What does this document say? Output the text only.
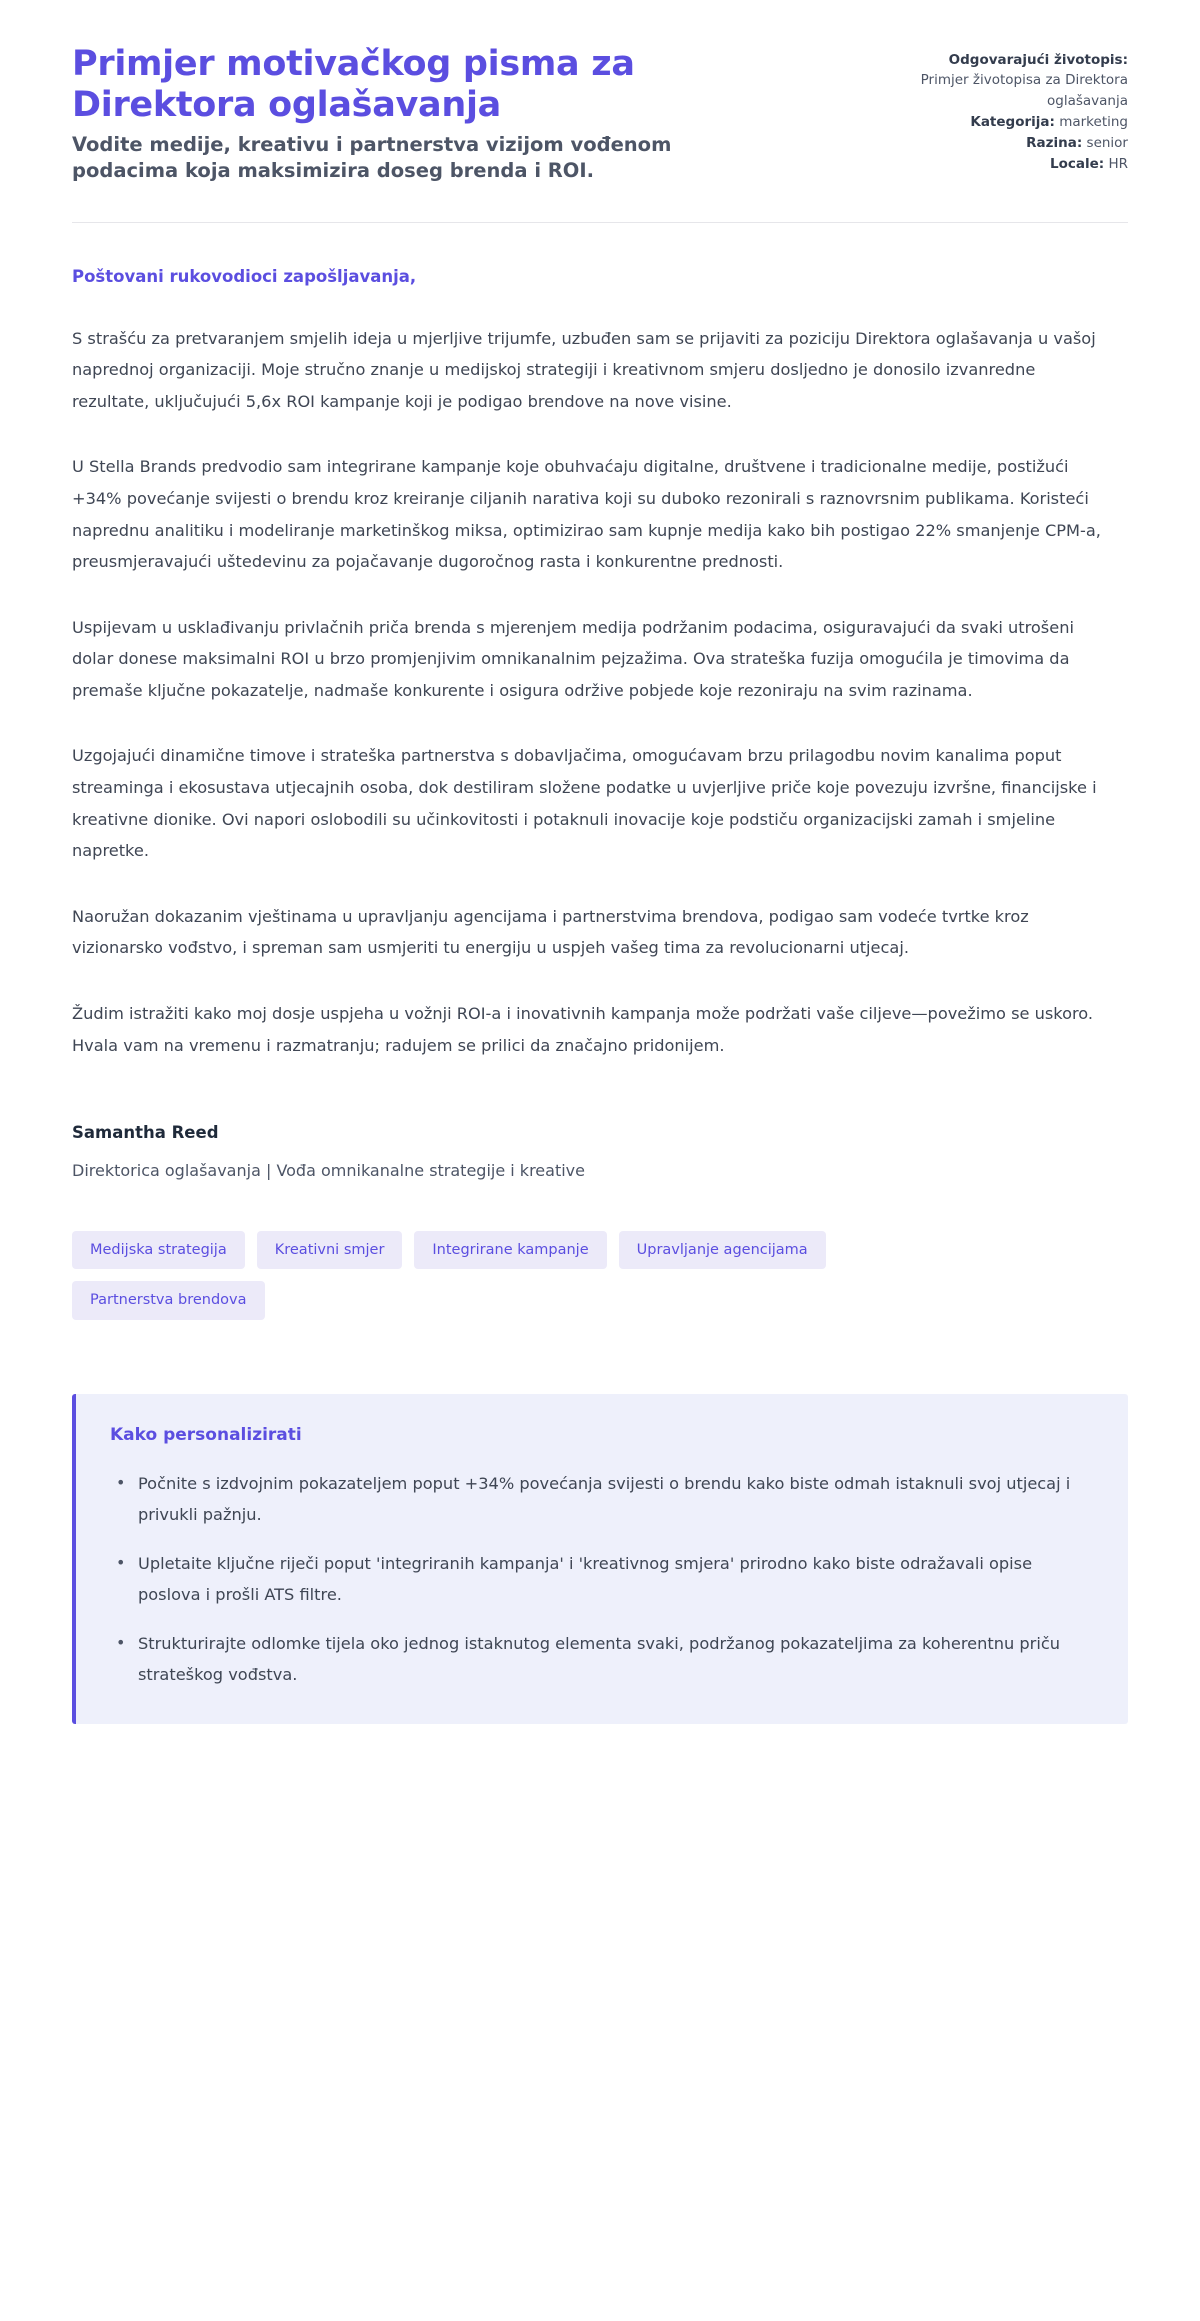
Primjer motivačkog pisma za Direktora oglašavanja

Vodite medije, kreativu i partnerstva vizijom vođenom podacima koja maksimizira doseg brenda i ROI.

Odgovarajući životopis:
Primjer životopisa za Direktora oglašavanja
Kategorija: marketing
Razina: senior
Locale: HR

Poštovani rukovodioci zapošljavanja,

S strašću za pretvaranjem smjelih ideja u mjerljive trijumfe, uzbuđen sam se prijaviti za poziciju Direktora oglašavanja u vašoj naprednoj organizaciji. Moje stručno znanje u medijskoj strategiji i kreativnom smjeru dosljedno je donosilo izvanredne rezultate, uključujući 5,6x ROI kampanje koji je podigao brendove na nove visine.

U Stella Brands predvodio sam integrirane kampanje koje obuhvaćaju digitalne, društvene i tradicionalne medije, postižući +34% povećanje svijesti o brendu kroz kreiranje ciljanih narativa koji su duboko rezonirali s raznovrsnim publikama. Koristeći naprednu analitiku i modeliranje marketinškog miksa, optimizirao sam kupnje medija kako bih postigao 22% smanjenje CPM-a, preusmjeravajući uštedevinu za pojačavanje dugoročnog rasta i konkurentne prednosti.

Uspijevam u usklađivanju privlačnih priča brenda s mjerenjem medija podržanim podacima, osiguravajući da svaki utrošeni dolar donese maksimalni ROI u brzo promjenjivim omnikanalnim pejzažima. Ova strateška fuzija omogućila je timovima da premaše ključne pokazatelje, nadmaše konkurente i osigura održive pobjede koje rezoniraju na svim razinama.

Uzgojajući dinamične timove i strateška partnerstva s dobavljačima, omogućavam brzu prilagodbu novim kanalima poput streaminga i ekosustava utjecajnih osoba, dok destiliram složene podatke u uvjerljive priče koje povezuju izvršne, financijske i kreativne dionike. Ovi napori oslobodili su učinkovitosti i potaknuli inovacije koje podstiču organizacijski zamah i smjeline napretke.

Naoružan dokazanim vještinama u upravljanju agencijama i partnerstvima brendova, podigao sam vodeće tvrtke kroz vizionarsko vođstvo, i spreman sam usmjeriti tu energiju u uspjeh vašeg tima za revolucionarni utjecaj.

Žudim istražiti kako moj dosje uspjeha u vožnji ROI-a i inovativnih kampanja može podržati vaše ciljeve—povežimo se uskoro. Hvala vam na vremenu i razmatranju; radujem se prilici da značajno pridonijem.

Samantha Reed

Direktorica oglašavanja | Vođa omnikanalne strategije i kreative

Medijska strategija	Kreativni smjer	Integrirane kampanje	Upravljanje agencijama
Partnerstva brendova
Kako personalizirati
• Počnite s izdvojnim pokazateljem poput +34% povećanja svijesti o brendu kako biste odmah istaknuli svoj utjecaj i privukli pažnju.
• Upletaite ključne riječi poput 'integriranih kampanja' i 'kreativnog smjera' prirodno kako biste odražavali opise poslova i prošli ATS filtre.
• Strukturirajte odlomke tijela oko jednog istaknutog elementa svaki, podržanog pokazateljima za koherentnu priču strateškog vođstva.
